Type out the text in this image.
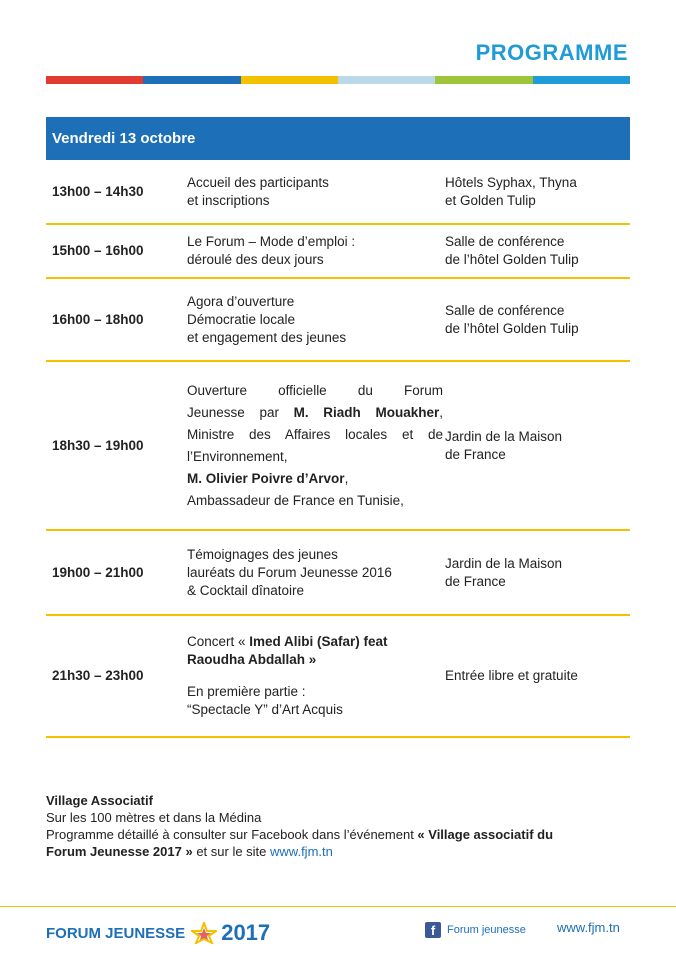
PROGRAMME
Vendredi 13 octobre
13h00 – 14h30
Accueil des participants
et inscriptions
Hôtels Syphax, Thyna
et Golden Tulip
15h00 – 16h00
Le Forum – Mode d’emploi :
déroulé des deux jours
Salle de conférence
de l’hôtel Golden Tulip
16h00 – 18h00
Agora d’ouverture
Démocratie locale
et engagement des jeunes
Salle de conférence
de l’hôtel Golden Tulip
18h30 – 19h00
Ouverture officielle du Forum
Jeunesse par M. Riadh Mouakher,
Ministre des Affaires locales et de
l’Environnement,
M. Olivier Poivre d’Arvor,
Ambassadeur de France en Tunisie,
Jardin de la Maison
de France
19h00 – 21h00
Témoignages des jeunes
lauréats du Forum Jeunesse 2016
& Cocktail dînatoire
Jardin de la Maison
de France
21h30 – 23h00
Concert « Imed Alibi (Safar) feat
Raoudha Abdallah »
En première partie :
“Spectacle Y” d’Art Acquis
Entrée libre et gratuite
Village Associatif
Sur les 100 mètres et dans la Médina
Programme détaillé à consulter sur Facebook dans l’événement « Village associatif du
Forum Jeunesse 2017 » et sur le site www.fjm.tn
FORUM JEUNESSE 2017	f	Forum jeunesse www.fjm.tn
